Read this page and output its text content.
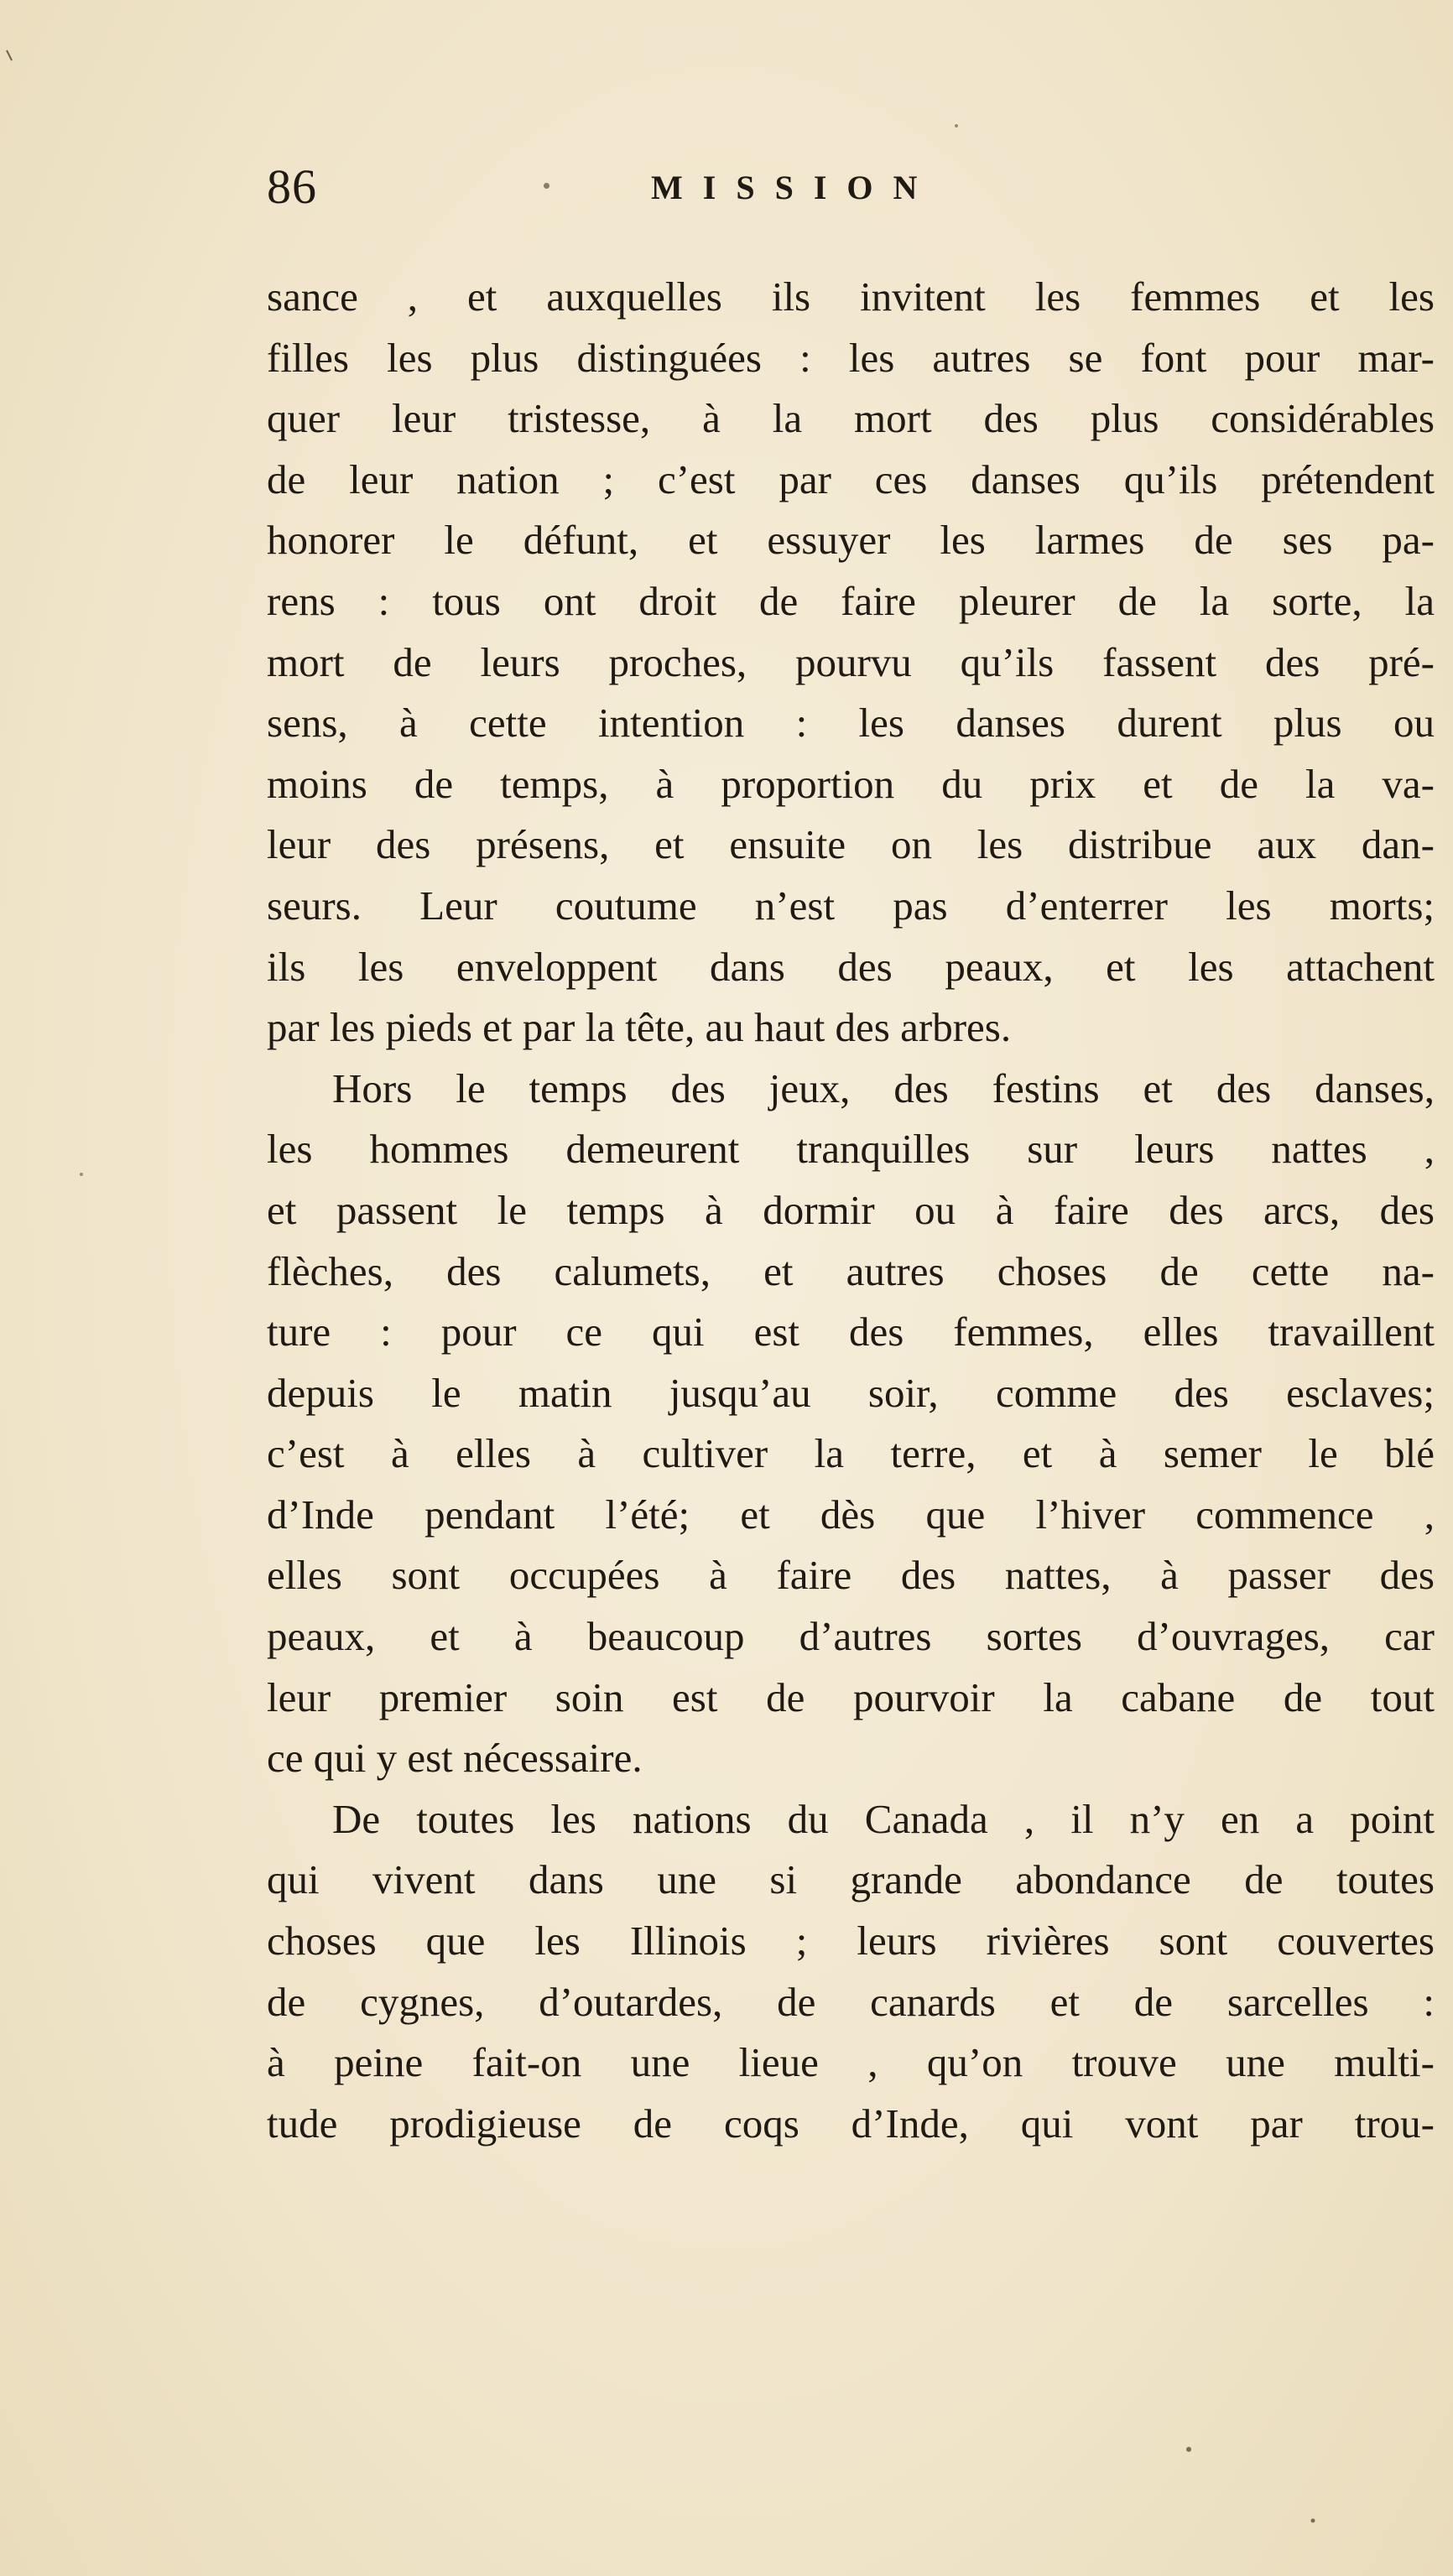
86	MISSION
sance , et auxquelles ils invitent les femmes et les
filles les plus distinguées : les autres se font pour mar-
quer leur tristesse, à la mort des plus considérables
de leur nation ; c’est par ces danses qu’ils prétendent
honorer le défunt, et essuyer les larmes de ses pa-
rens : tous ont droit de faire pleurer de la sorte, la
mort de leurs proches, pourvu qu’ils fassent des pré-
sens, à cette intention : les danses durent plus ou
moins de temps, à proportion du prix et de la va-
leur des présens, et ensuite on les distribue aux dan-
seurs. Leur coutume n’est pas d’enterrer les morts;
ils les enveloppent dans des peaux, et les attachent
par les pieds et par la tête, au haut des arbres.
Hors le temps des jeux, des festins et des danses,
les hommes demeurent tranquilles sur leurs nattes ,
et passent le temps à dormir ou à faire des arcs, des
flèches, des calumets, et autres choses de cette na-
ture : pour ce qui est des femmes, elles travaillent
depuis le matin jusqu’au soir, comme des esclaves;
c’est à elles à cultiver la terre, et à semer le blé
d’Inde pendant l’été; et dès que l’hiver commence ,
elles sont occupées à faire des nattes, à passer des
peaux, et à beaucoup d’autres sortes d’ouvrages, car
leur premier soin est de pourvoir la cabane de tout
ce qui y est nécessaire.
De toutes les nations du Canada , il n’y en a point
qui vivent dans une si grande abondance de toutes
choses que les Illinois ; leurs rivières sont couvertes
de cygnes, d’outardes, de canards et de sarcelles :
à peine fait-on une lieue , qu’on trouve une multi-
tude prodigieuse de coqs d’Inde, qui vont par trou-
